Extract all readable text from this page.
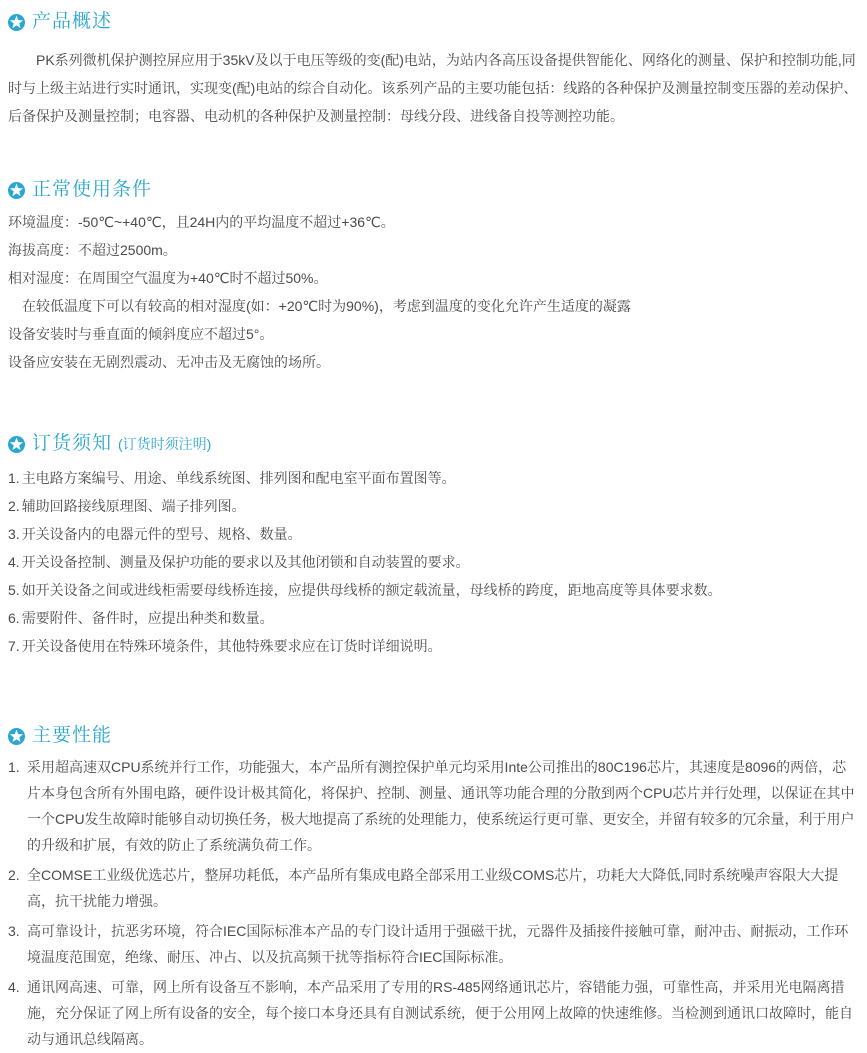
产品概述

PK系列微机保护测控屏应用于35kV及以于电压等级的变(配)电站，为站内各高压设备提供智能化、网络化的测量、保护和控制功能,同时与上级主站进行实时通讯，实现变(配)电站的综合自动化。该系列产品的主要功能包括：线路的各种保护及测量控制变压器的差动保护、后备保护及测量控制；电容器、电动机的各种保护及测量控制：母线分段、进线备自投等测控功能。

正常使用条件
环境温度：-50℃~+40℃，且24H内的平均温度不超过+36℃。
海拔高度：不超过2500m。
相对湿度：在周围空气温度为+40℃时不超过50%。
在较低温度下可以有较高的相对湿度(如：+20℃时为90%)，考虑到温度的变化允许产生适度的凝露
设备安装时与垂直面的倾斜度应不超过5°。
设备应安装在无剧烈震动、无冲击及无腐蚀的场所。
订货须知 (订货时须注明)
1. 主电路方案编号、用途、单线系统图、排列图和配电室平面布置图等。
2. 辅助回路接线原理图、端子排列图。
3. 开关设备内的电器元件的型号、规格、数量。
4. 开关设备控制、测量及保护功能的要求以及其他闭锁和自动装置的要求。
5. 如开关设备之间或进线柜需要母线桥连接，应提供母线桥的额定载流量，母线桥的跨度，距地高度等具体要求数。
6. 需要附件、备件时，应提出种类和数量。
7. 开关设备使用在特殊环境条件，其他特殊要求应在订货时详细说明。
主要性能
1. 采用超高速双CPU系统并行工作，功能强大，本产品所有测控保护单元均采用Inte公司推出的80C196芯片，其速度是8096的两倍，芯片本身包含所有外围电路，硬件设计极其简化，将保护、控制、测量、通讯等功能合理的分散到两个CPU芯片并行处理，以保证在其中一个CPU发生故障时能够自动切换任务，极大地提高了系统的处理能力，使系统运行更可靠、更安全，并留有较多的冗余量，利于用户的升级和扩展，有效的防止了系统满负荷工作。
2. 全COMSE工业级优选芯片，整屏功耗低，本产品所有集成电路全部采用工业级COMS芯片，功耗大大降低,同时系统噪声容限大大提高，抗干扰能力增强。
3. 高可靠设计，抗恶劣环境，符合IEC国际标准本产品的专门设计适用于强磁干扰，元器件及插接件接触可靠，耐冲击、耐振动，工作环境温度范围宽，绝缘、耐压、冲占、以及抗高频干扰等指标符合IEC国际标准。
4. 通讯网高速、可靠，网上所有设备互不影响，本产品采用了专用的RS-485网络通讯芯片，容错能力强，可靠性高，并采用光电隔离措施，充分保证了网上所有设备的安全，每个接口本身还具有自测试系统，便于公用网上故障的快速维修。当检测到通讯口故障时，能自动与通讯总线隔离。
